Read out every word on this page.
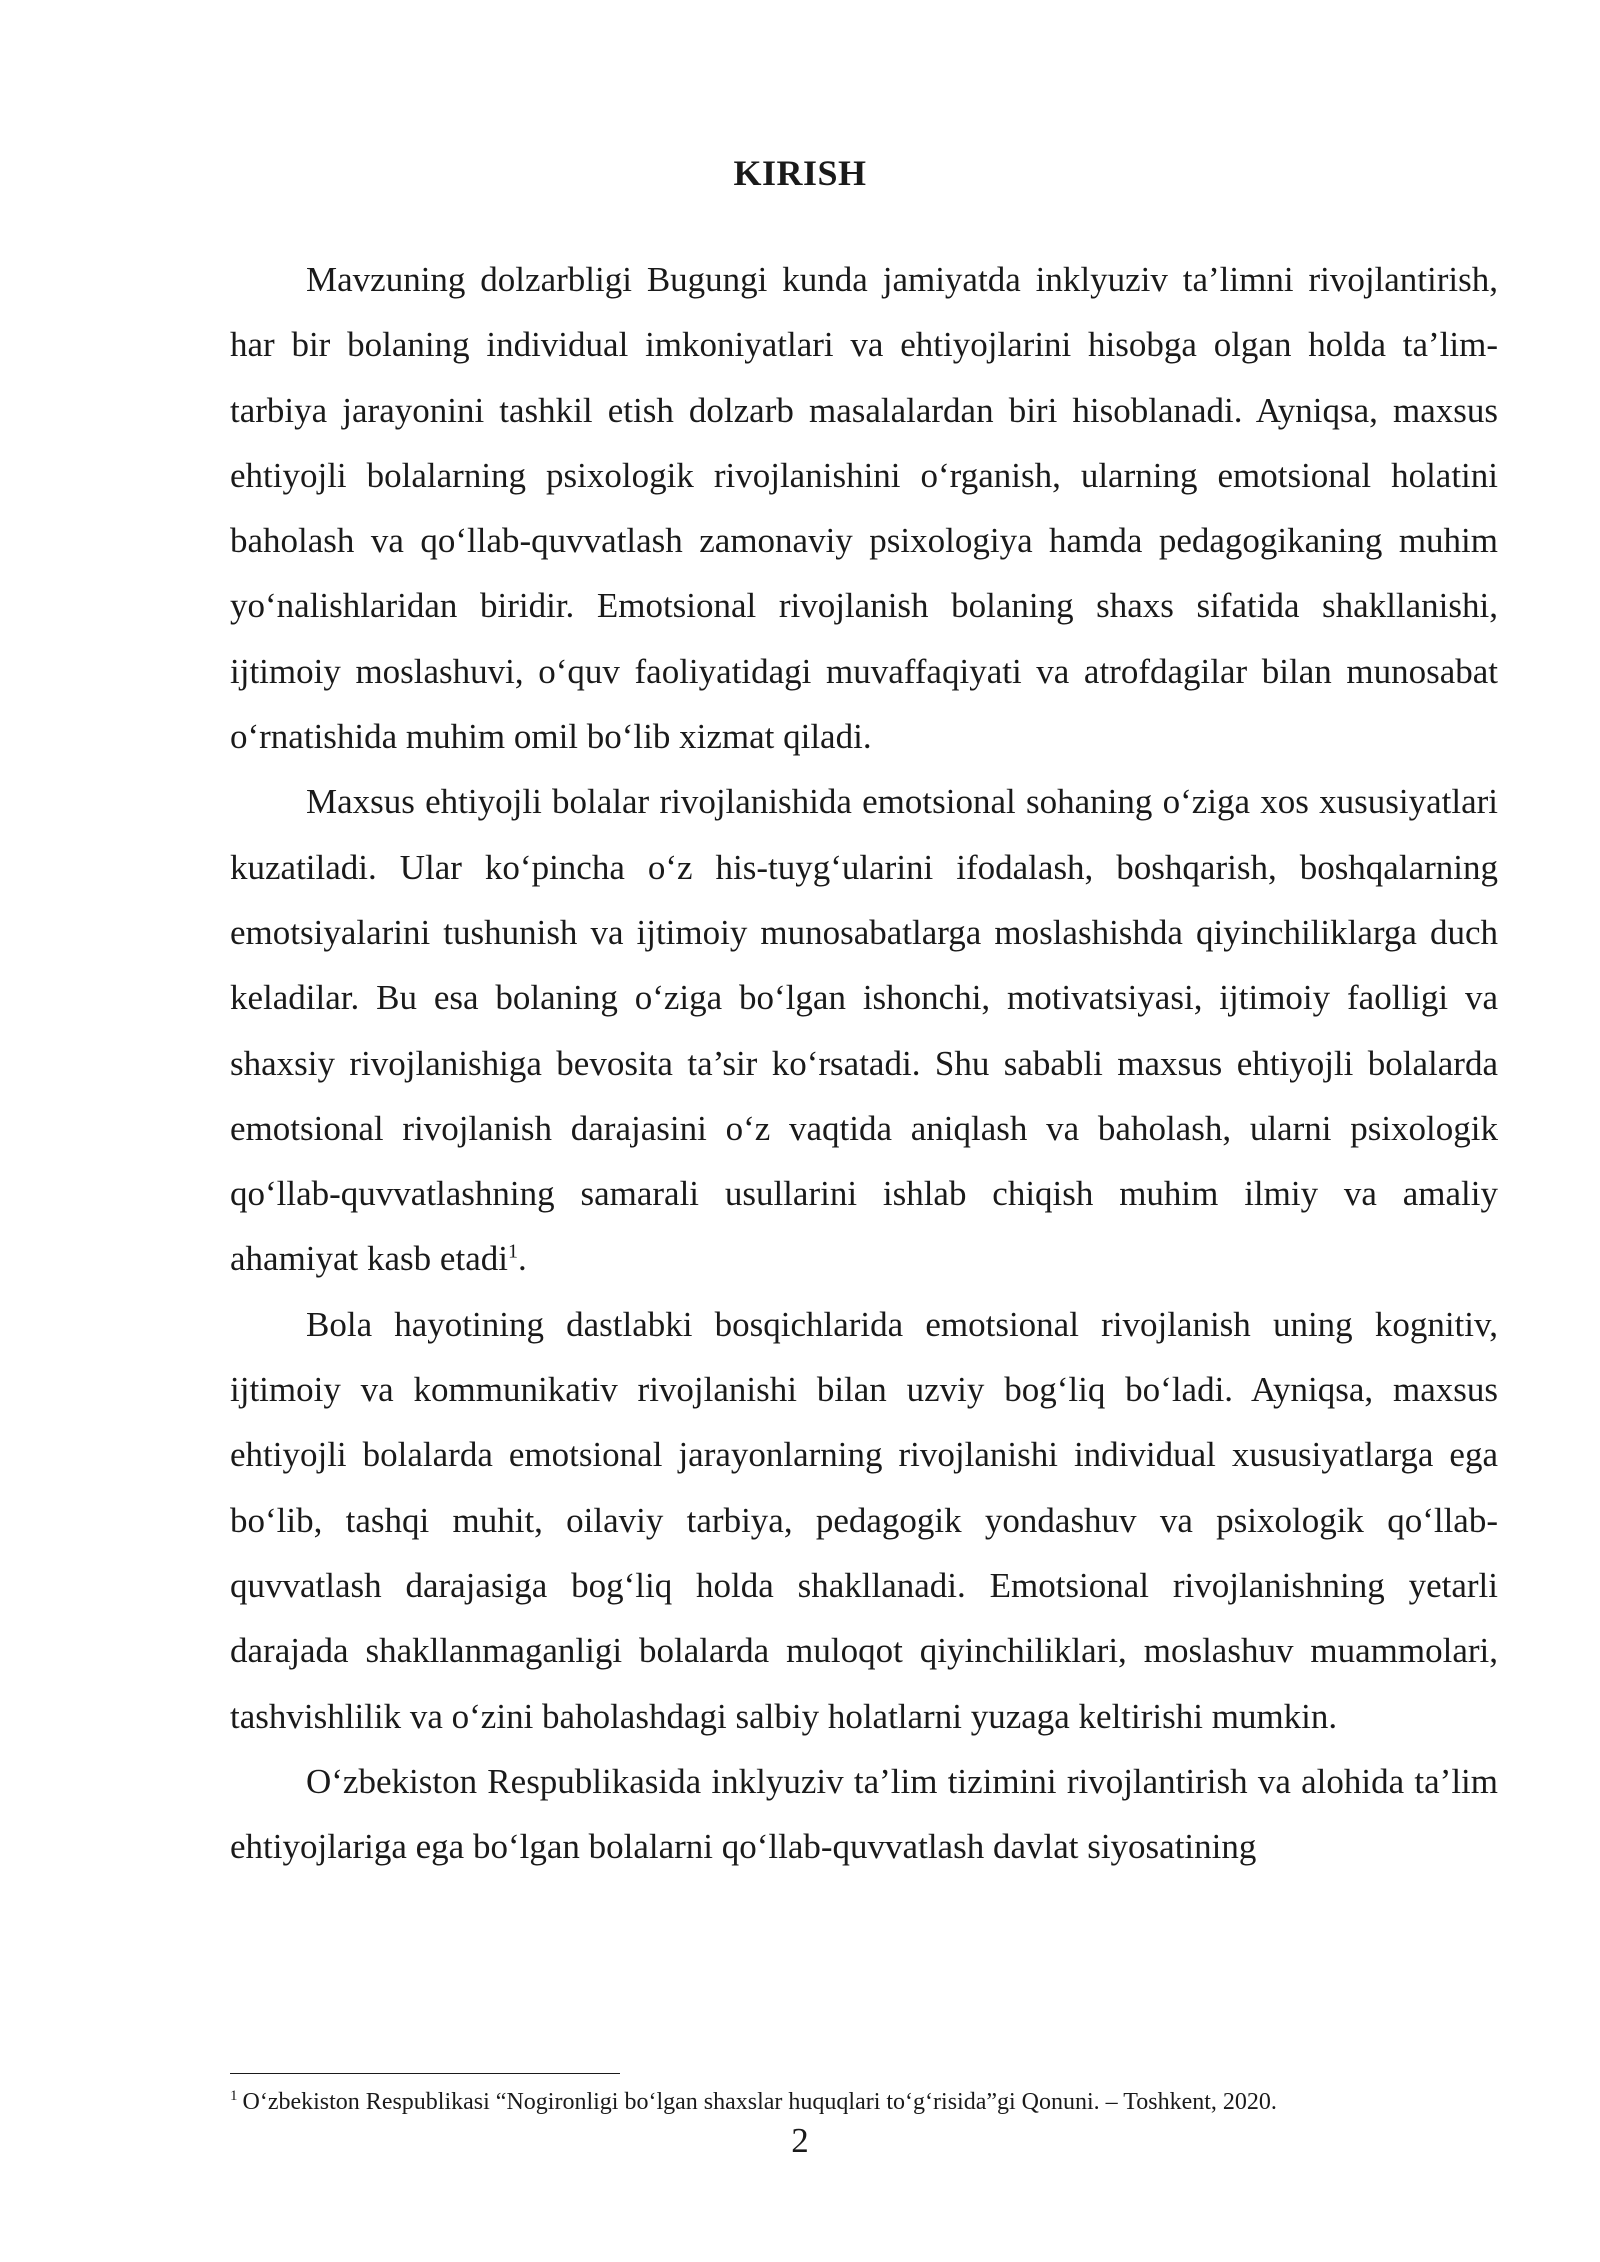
KIRISH

Mavzuning dolzarbligi Bugungi kunda jamiyatda inklyuziv ta’limni rivojlantirish, har bir bolaning individual imkoniyatlari va ehtiyojlarini hisobga olgan holda ta’lim-tarbiya jarayonini tashkil etish dolzarb masalalardan biri hisoblanadi. Ayniqsa, maxsus ehtiyojli bolalarning psixologik rivojlanishini o‘rganish, ularning emotsional holatini baholash va qo‘llab-quvvatlash zamonaviy psixologiya hamda pedagogikaning muhim yo‘nalishlaridan biridir. Emotsional rivojlanish bolaning shaxs sifatida shakllanishi, ijtimoiy moslashuvi, o‘quv faoliyatidagi muvaffaqiyati va atrofdagilar bilan munosabat o‘rnatishida muhim omil bo‘lib xizmat qiladi.

Maxsus ehtiyojli bolalar rivojlanishida emotsional sohaning o‘ziga xos xususiyatlari kuzatiladi. Ular ko‘pincha o‘z his-tuyg‘ularini ifodalash, boshqarish, boshqalarning emotsiyalarini tushunish va ijtimoiy munosabatlarga moslashishda qiyinchiliklarga duch keladilar. Bu esa bolaning o‘ziga bo‘lgan ishonchi, motivatsiyasi, ijtimoiy faolligi va shaxsiy rivojlanishiga bevosita ta’sir ko‘rsatadi. Shu sababli maxsus ehtiyojli bolalarda emotsional rivojlanish darajasini o‘z vaqtida aniqlash va baholash, ularni psixologik qo‘llab-quvvatlashning samarali usullarini ishlab chiqish muhim ilmiy va amaliy ahamiyat kasb etadi$^1$.

Bola hayotining dastlabki bosqichlarida emotsional rivojlanish uning kognitiv, ijtimoiy va kommunikativ rivojlanishi bilan uzviy bog‘liq bo‘ladi. Ayniqsa, maxsus ehtiyojli bolalarda emotsional jarayonlarning rivojlanishi individual xususiyatlarga ega bo‘lib, tashqi muhit, oilaviy tarbiya, pedagogik yondashuv va psixologik qo‘llab-quvvatlash darajasiga bog‘liq holda shakllanadi. Emotsional rivojlanishning yetarli darajada shakllanmaganligi bolalarda muloqot qiyinchiliklari, moslashuv muammolari, tashvishlilik va o‘zini baholashdagi salbiy holatlarni yuzaga keltirishi mumkin.

O‘zbekiston Respublikasida inklyuziv ta’lim tizimini rivojlantirish va alohida ta’lim ehtiyojlariga ega bo‘lgan bolalarni qo‘llab-quvvatlash davlat siyosatining

$^1$ O‘zbekiston Respublikasi “Nogironligi bo‘lgan shaxslar huquqlari to‘g‘risida”gi Qonuni. – Toshkent, 2020.

2
